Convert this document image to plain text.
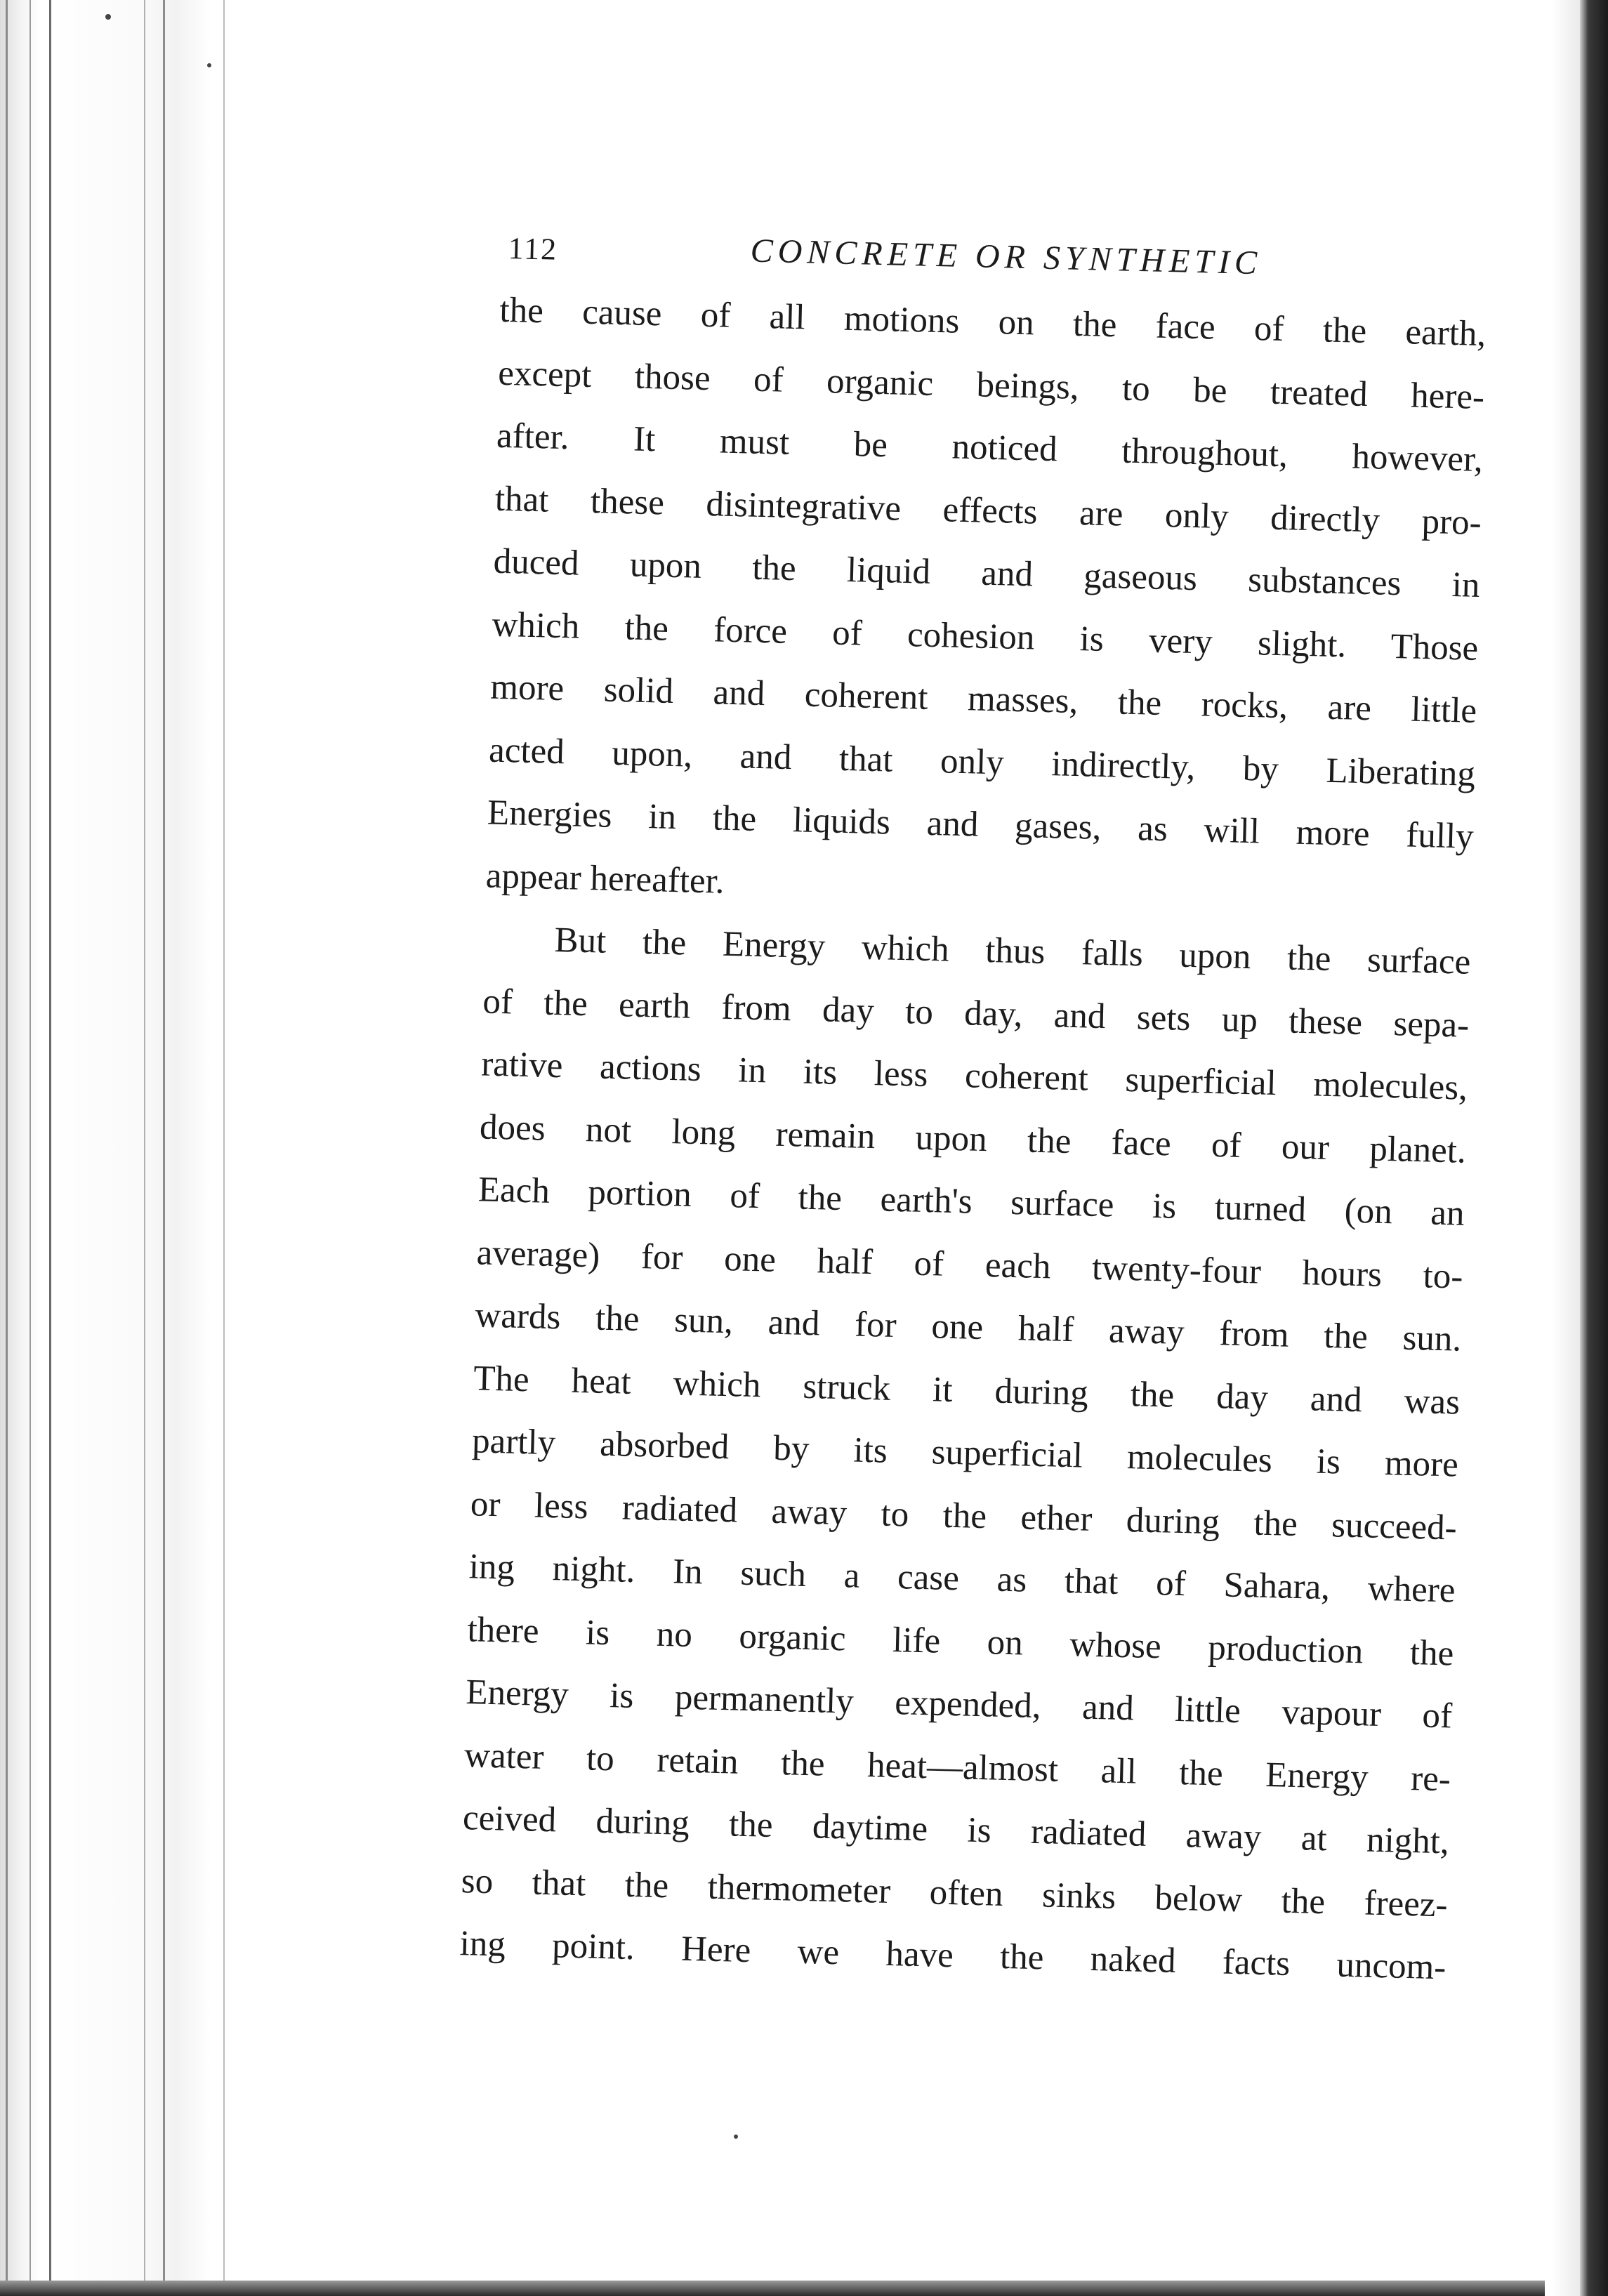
112	CONCRETE OR SYNTHETIC

the cause of all motions on the face of the earth,
except those of organic beings, to be treated here-
after. It must be noticed throughout, however,
that these disintegrative effects are only directly pro-
duced upon the liquid and gaseous substances in
which the force of cohesion is very slight. Those
more solid and coherent masses, the rocks, are little
acted upon, and that only indirectly, by Liberating
Energies in the liquids and gases, as will more fully
appear hereafter.

But the Energy which thus falls upon the surface
of the earth from day to day, and sets up these sepa-
rative actions in its less coherent superficial molecules,
does not long remain upon the face of our planet.
Each portion of the earth's surface is turned (on an
average) for one half of each twenty-four hours to-
wards the sun, and for one half away from the sun.
The heat which struck it during the day and was
partly absorbed by its superficial molecules is more
or less radiated away to the ether during the succeed-
ing night. In such a case as that of Sahara, where
there is no organic life on whose production the
Energy is permanently expended, and little vapour of
water to retain the heat—almost all the Energy re-
ceived during the daytime is radiated away at night,
so that the thermometer often sinks below the freez-
ing point. Here we have the naked facts uncom-
